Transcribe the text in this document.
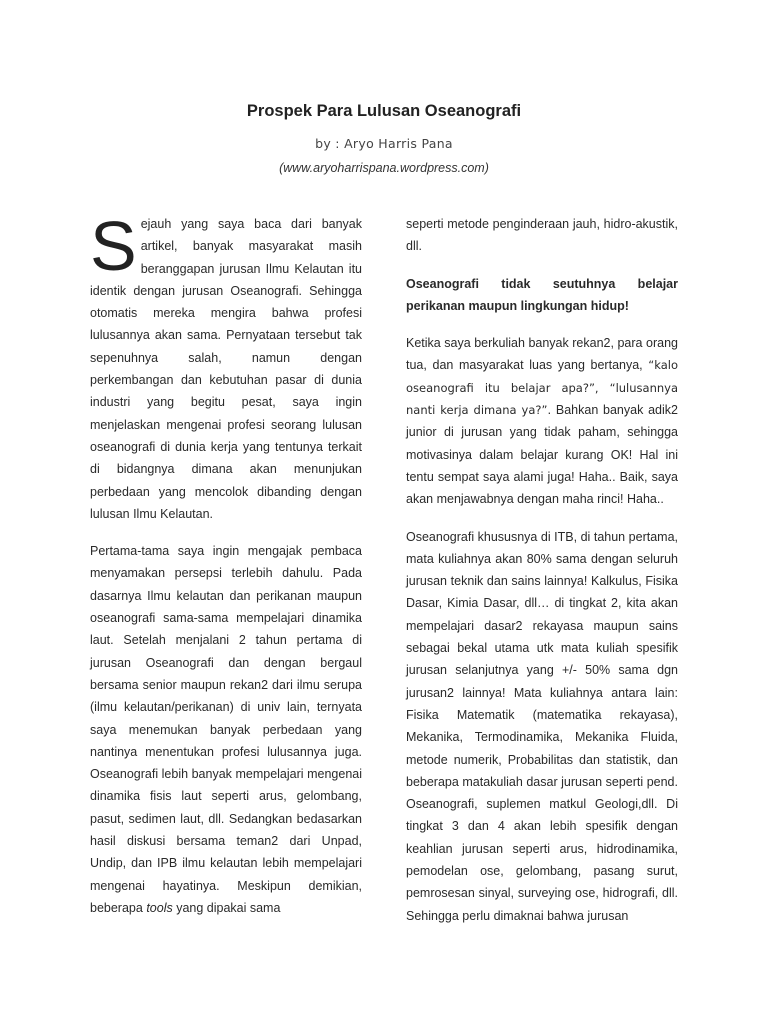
Prospek Para Lulusan Oseanografi
by : Aryo Harris Pana
(www.aryoharrispana.wordpress.com)

Sejauh yang saya baca dari banyak artikel, banyak masyarakat masih beranggapan jurusan Ilmu Kelautan itu identik dengan jurusan Oseanografi. Sehingga otomatis mereka mengira bahwa profesi lulusannya akan sama. Pernyataan tersebut tak sepenuhnya salah, namun dengan perkembangan dan kebutuhan pasar di dunia industri yang begitu pesat, saya ingin menjelaskan mengenai profesi seorang lulusan oseanografi di dunia kerja yang tentunya terkait di bidangnya dimana akan menunjukan perbedaan yang mencolok dibanding dengan lulusan Ilmu Kelautan.

Pertama-tama saya ingin mengajak pembaca menyamakan persepsi terlebih dahulu. Pada dasarnya Ilmu kelautan dan perikanan maupun oseanografi sama-sama mempelajari dinamika laut. Setelah menjalani 2 tahun pertama di jurusan Oseanografi dan dengan bergaul bersama senior maupun rekan2 dari ilmu serupa (ilmu kelautan/perikanan) di univ lain, ternyata saya menemukan banyak perbedaan yang nantinya menentukan profesi lulusannya juga. Oseanografi lebih banyak mempelajari mengenai dinamika fisis laut seperti arus, gelombang, pasut, sedimen laut, dll. Sedangkan bedasarkan hasil diskusi bersama teman2 dari Unpad, Undip, dan IPB ilmu kelautan lebih mempelajari mengenai hayatinya. Meskipun demikian, beberapa tools yang dipakai sama

seperti metode penginderaan jauh, hidro-akustik, dll.

Oseanografi tidak seutuhnya belajar perikanan maupun lingkungan hidup!

Ketika saya berkuliah banyak rekan2, para orang tua, dan masyarakat luas yang bertanya, “kalo oseanografi itu belajar apa?”, “lulusannya nanti kerja dimana ya?”. Bahkan banyak adik2 junior di jurusan yang tidak paham, sehingga motivasinya dalam belajar kurang OK! Hal ini tentu sempat saya alami juga! Haha.. Baik, saya akan menjawabnya dengan maha rinci! Haha..

Oseanografi khususnya di ITB, di tahun pertama, mata kuliahnya akan 80% sama dengan seluruh jurusan teknik dan sains lainnya! Kalkulus, Fisika Dasar, Kimia Dasar, dll… di tingkat 2, kita akan mempelajari dasar2 rekayasa maupun sains sebagai bekal utama utk mata kuliah spesifik jurusan selanjutnya yang +/- 50% sama dgn jurusan2 lainnya! Mata kuliahnya antara lain: Fisika Matematik (matematika rekayasa), Mekanika, Termodinamika, Mekanika Fluida, metode numerik, Probabilitas dan statistik, dan beberapa matakuliah dasar jurusan seperti pend. Oseanografi, suplemen matkul Geologi,dll. Di tingkat 3 dan 4 akan lebih spesifik dengan keahlian jurusan seperti arus, hidrodinamika, pemodelan ose, gelombang, pasang surut, pemrosesan sinyal, surveying ose, hidrografi, dll. Sehingga perlu dimaknai bahwa jurusan
